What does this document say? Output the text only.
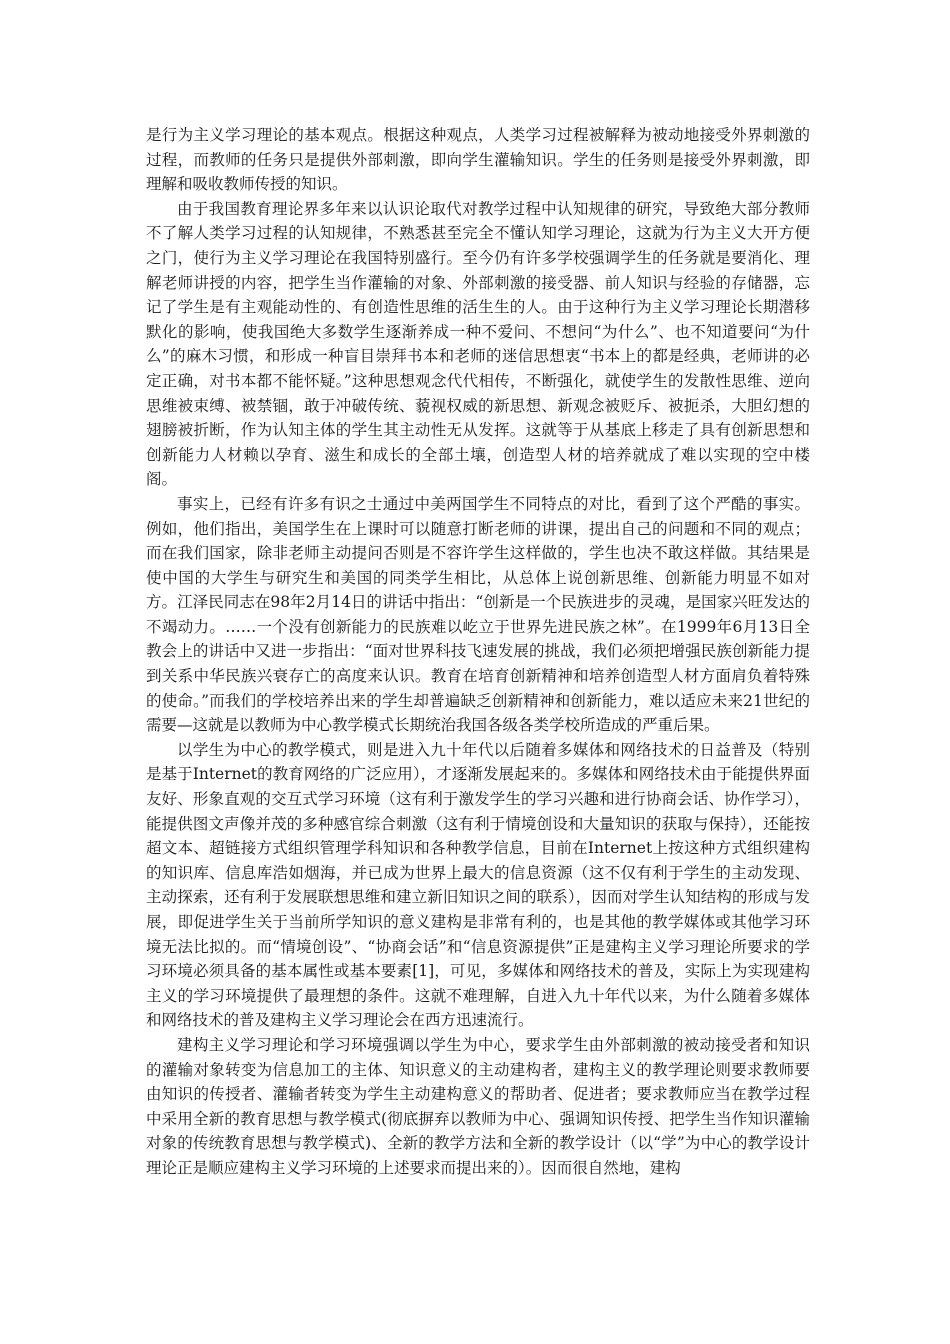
是行为主义学习理论的基本观点。根据这种观点，人类学习过程被解释为被动地接受外界刺激的过程，而教师的任务只是提供外部刺激，即向学生灌输知识。学生的任务则是接受外界刺激，即理解和吸收教师传授的知识。

由于我国教育理论界多年来以认识论取代对教学过程中认知规律的研究，导致绝大部分教师不了解人类学习过程的认知规律，不熟悉甚至完全不懂认知学习理论，这就为行为主义大开方便之门，使行为主义学习理论在我国特别盛行。至今仍有许多学校强调学生的任务就是要消化、理解老师讲授的内容，把学生当作灌输的对象、外部刺激的接受器、前人知识与经验的存储器，忘记了学生是有主观能动性的、有创造性思维的活生生的人。由于这种行为主义学习理论长期潜移默化的影响，使我国绝大多数学生逐渐养成一种不爱问、不想问“为什么”、也不知道要问“为什么”的麻木习惯，和形成一种盲目崇拜书本和老师的迷信思想衷“书本上的都是经典，老师讲的必定正确，对书本都不能怀疑。”这种思想观念代代相传，不断强化，就使学生的发散性思维、逆向思维被束缚、被禁锢，敢于冲破传统、藐视权威的新思想、新观念被贬斥、被扼杀，大胆幻想的翅膀被折断，作为认知主体的学生其主动性无从发挥。这就等于从基底上移走了具有创新思想和创新能力人材赖以孕育、滋生和成长的全部土壤，创造型人材的培养就成了难以实现的空中楼阁。

事实上，已经有许多有识之士通过中美两国学生不同特点的对比，看到了这个严酷的事实。例如，他们指出，美国学生在上课时可以随意打断老师的讲课，提出自己的问题和不同的观点；而在我们国家，除非老师主动提问否则是不容许学生这样做的，学生也决不敢这样做。其结果是使中国的大学生与研究生和美国的同类学生相比，从总体上说创新思维、创新能力明显不如对方。江泽民同志在98年2月14日的讲话中指出：“创新是一个民族进步的灵魂，是国家兴旺发达的不竭动力。……一个没有创新能力的民族难以屹立于世界先进民族之林”。在1999年6月13日全教会上的讲话中又进一步指出：“面对世界科技飞速发展的挑战，我们必须把增强民族创新能力提到关系中华民族兴衰存亡的高度来认识。教育在培育创新精神和培养创造型人材方面肩负着特殊的使命。”而我们的学校培养出来的学生却普遍缺乏创新精神和创新能力，难以适应未来21世纪的需要—这就是以教师为中心教学模式长期统治我国各级各类学校所造成的严重后果。

以学生为中心的教学模式，则是进入九十年代以后随着多媒体和网络技术的日益普及（特别是基于Internet的教育网络的广泛应用），才逐渐发展起来的。多媒体和网络技术由于能提供界面友好、形象直观的交互式学习环境（这有利于激发学生的学习兴趣和进行协商会话、协作学习），能提供图文声像并茂的多种感官综合刺激（这有利于情境创设和大量知识的获取与保持），还能按超文本、超链接方式组织管理学科知识和各种教学信息，目前在Internet上按这种方式组织建构的知识库、信息库浩如烟海，并已成为世界上最大的信息资源（这不仅有利于学生的主动发现、主动探索，还有利于发展联想思维和建立新旧知识之间的联系），因而对学生认知结构的形成与发展，即促进学生关于当前所学知识的意义建构是非常有利的，也是其他的教学媒体或其他学习环境无法比拟的。而“情境创设”、“协商会话”和“信息资源提供”正是建构主义学习理论所要求的学习环境必须具备的基本属性或基本要素[1]，可见，多媒体和网络技术的普及，实际上为实现建构主义的学习环境提供了最理想的条件。这就不难理解，自进入九十年代以来，为什么随着多媒体和网络技术的普及建构主义学习理论会在西方迅速流行。

建构主义学习理论和学习环境强调以学生为中心，要求学生由外部刺激的被动接受者和知识的灌输对象转变为信息加工的主体、知识意义的主动建构者，建构主义的教学理论则要求教师要由知识的传授者、灌输者转变为学生主动建构意义的帮助者、促进者；要求教师应当在教学过程中采用全新的教育思想与教学模式(彻底摒弃以教师为中心、强调知识传授、把学生当作知识灌输对象的传统教育思想与教学模式)、全新的教学方法和全新的教学设计（以“学”为中心的教学设计理论正是顺应建构主义学习环境的上述要求而提出来的）。因而很自然地，建构
